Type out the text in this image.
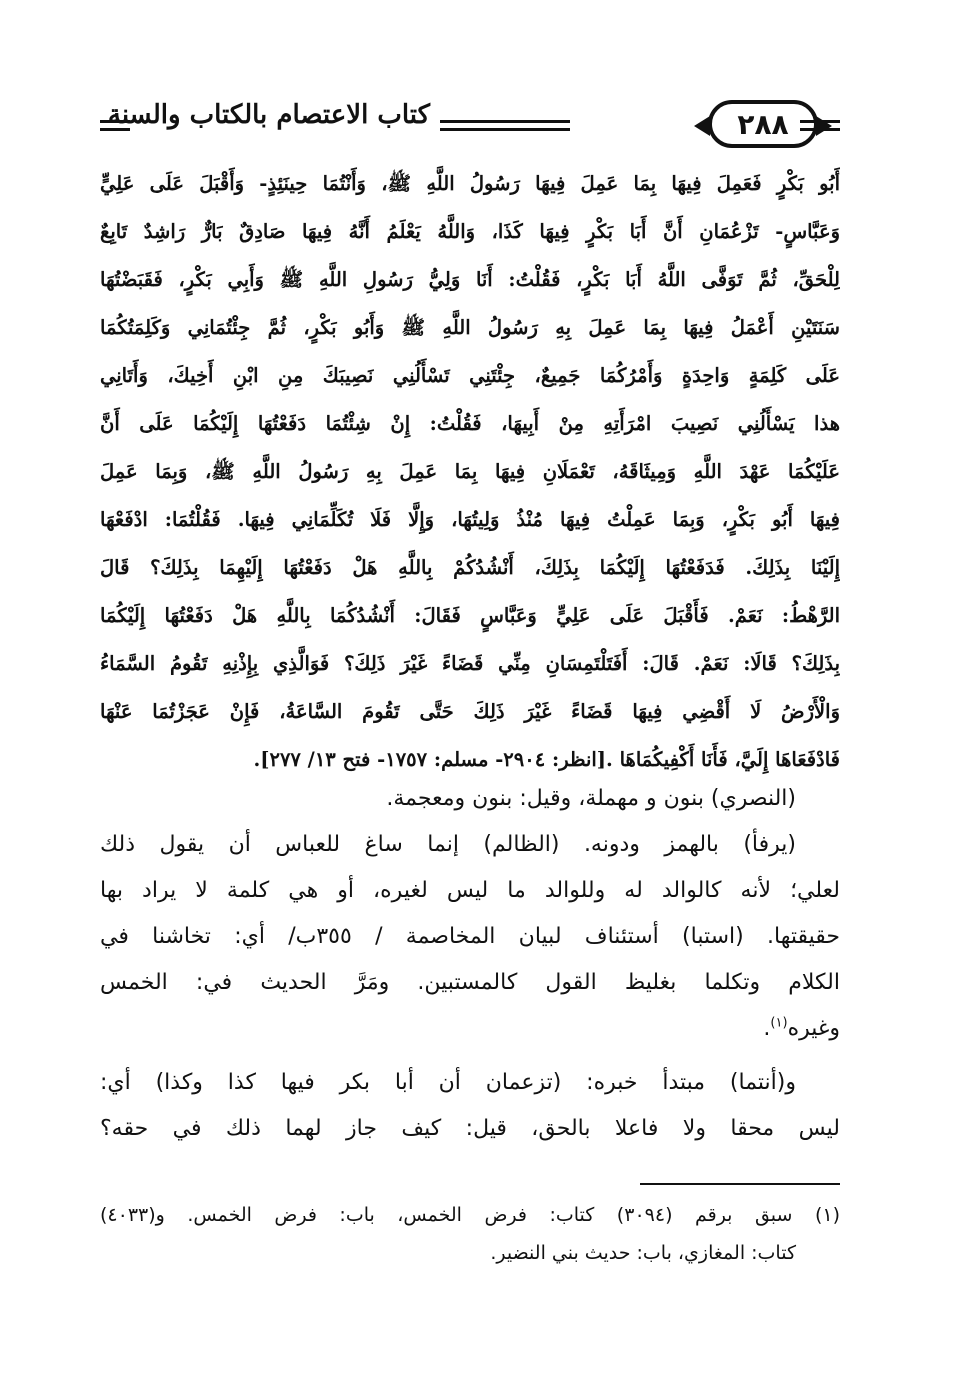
كتاب الاعتصام بالكتاب والسنة	٢٨٨
أَبُو بَكْرٍ فَعَمِلَ فِيهَا بِمَا عَمِلَ فِيهَا رَسُولُ اللَّهِ ﷺ، وَأَنْتُمَا حِينَئِذٍ- وَأَقْبَلَ عَلَى عَلِيٍّ
وَعَبَّاسٍ- تَزْعُمَانِ أَنَّ أَبَا بَكْرٍ فِيهَا كَذَا، وَاللَّهُ يَعْلَمُ أَنَّهُ فِيهَا صَادِقٌ بَارٌّ رَاشِدٌ تَابِعٌ
لِلْحَقِّ، ثُمَّ تَوَفَّى اللَّهُ أَبَا بَكْرٍ، فَقُلْتُ: أَنَا وَلِيُّ رَسُولِ اللَّهِ ﷺ وَأَبِي بَكْرٍ، فَقَبَضْتُهَا
سَنَتَيْنِ أَعْمَلُ فِيهَا بِمَا عَمِلَ بِهِ رَسُولُ اللَّهِ ﷺ وَأَبُو بَكْرٍ، ثُمَّ جِئْتُمَانِي وَكَلِمَتُكُمَا
عَلَى كَلِمَةٍ وَاحِدَةٍ وَأَمْرُكُمَا جَمِيعٌ، جِئْتَنِي تَسْأَلُنِي نَصِيبَكَ مِنِ ابْنِ أَخِيكَ، وَأَتَانِي
هذا يَسْأَلُنِي نَصِيبَ امْرَأَتِهِ مِنْ أَبِيهَا، فَقُلْتُ: إِنْ شِئْتُمَا دَفَعْتُهَا إِلَيْكُمَا عَلَى أَنَّ
عَلَيْكُمَا عَهْدَ اللَّهِ وَمِيثَاقَهُ، تَعْمَلَانِ فِيهَا بِمَا عَمِلَ بِهِ رَسُولُ اللَّهِ ﷺ، وَبِمَا عَمِلَ
فِيهَا أَبُو بَكْرٍ، وَبِمَا عَمِلْتُ فِيهَا مُنْذُ وَلِيتُهَا، وَإِلَّا فَلَا تُكَلِّمَانِي فِيهَا. فَقُلْتُمَا: ادْفَعْهَا
إِلَيْنَا بِذَلِكَ. فَدَفَعْتُهَا إِلَيْكُمَا بِذَلِكَ، أَنْشُدُكُمْ بِاللَّهِ هَلْ دَفَعْتُهَا إِلَيْهِمَا بِذَلِكَ؟ قَالَ
الرَّهْطُ: نَعَمْ. فَأَقْبَلَ عَلَى عَلِيٍّ وَعَبَّاسٍ فَقَالَ: أَنْشُدُكُمَا بِاللَّهِ هَلْ دَفَعْتُهَا إِلَيْكُمَا
بِذَلِكَ؟ قَالَا: نَعَمْ. قَالَ: أَفَتَلْتَمِسَانِ مِنِّي قَضَاءً غَيْرَ ذَلِكَ؟ فَوَالَّذِي بِإِذْنِهِ تَقُومُ السَّمَاءُ
وَالْأَرْضُ لَا أَقْضِي فِيهَا قَضَاءً غَيْرَ ذَلِكَ حَتَّى تَقُومَ السَّاعَةُ، فَإِنْ عَجَزْتُمَا عَنْهَا
فَادْفَعَاهَا إِلَيَّ، فَأَنَا أَكْفِيكُمَاهَا .[انظر: ٢٩٠٤- مسلم: ١٧٥٧- فتح ١٣/ ٢٧٧].
(النصري) بنون و مهملة، وقيل: بنون ومعجمة.
(يرفأ) بالهمز ودونه. (الظالم) إنما ساغ للعباس أن يقول ذلك
لعلي؛ لأنه كالوالد له وللوالد ما ليس لغيره، أو هي كلمة لا يراد بها
حقيقتها. (استبا) أستئناف لبيان المخاصمة / ٣٥٥ب/ أي: تخاشنا في
الكلام وتكلما بغليظ القول كالمستبين. ومَرَّ الحديث في: الخمس
وغيره$^{(١)}$.
و(أنتما) مبتدأ خبره: (تزعمان أن أبا بكر فيها كذا وكذا) أي:
ليس محقا ولا فاعلا بالحق، قيل: كيف جاز لهما ذلك في حقه؟
(١) سبق برقم (٣٠٩٤) كتاب: فرض الخمس، باب: فرض الخمس. و(٤٠٣٣)
كتاب: المغازي، باب: حديث بني النضير.
